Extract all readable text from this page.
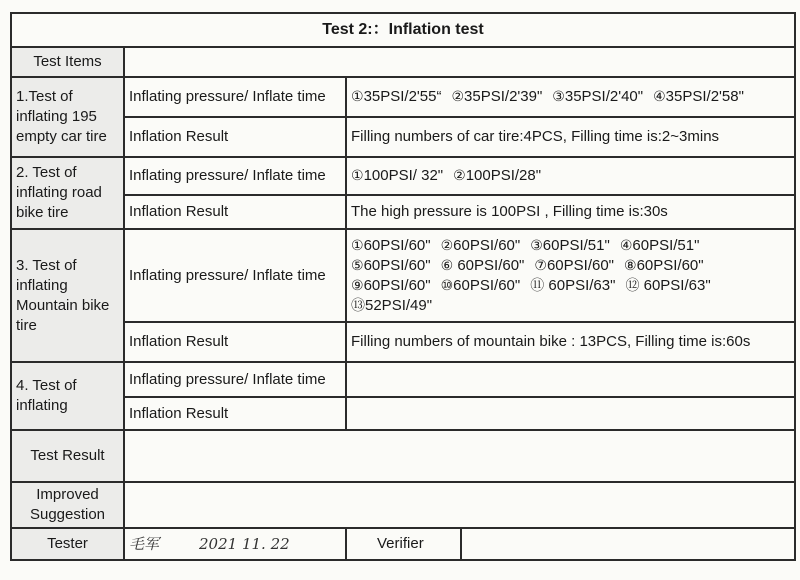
Test 2:：Inflation test			
Test Items			
1.Test of inflating 195 empty car tire	Inflating pressure/ Inflate time	①35PSI/2'55“ ②35PSI/2'39" ③35PSI/2'40" ④35PSI/2'58"	
	Inflation Result	Filling numbers of car tire:4PCS, Filling time is:2~3mins	
2. Test of inflating road bike tire	Inflating pressure/ Inflate time	①100PSI/ 32" ②100PSI/28"	
	Inflation Result	The high pressure is 100PSI , Filling time is:30s	
3. Test of inflating Mountain bike tire	Inflating pressure/ Inflate time	①60PSI/60" ②60PSI/60" ③60PSI/51" ④60PSI/51"
⑤60PSI/60" ⑥ 60PSI/60" ⑦60PSI/60" ⑧60PSI/60"
⑨60PSI/60" ⑩60PSI/60" ⑪ 60PSI/63" ⑫ 60PSI/63"
⑬52PSI/49"	

	Inflation Result	Filling numbers of mountain bike : 13PCS, Filling time is:60s	
4. Test of inflating	Inflating pressure/ Inflate time		
	Inflation Result		
Test Result			
Improved Suggestion			
Tester	毛军 2021 11. 22	Verifier	
